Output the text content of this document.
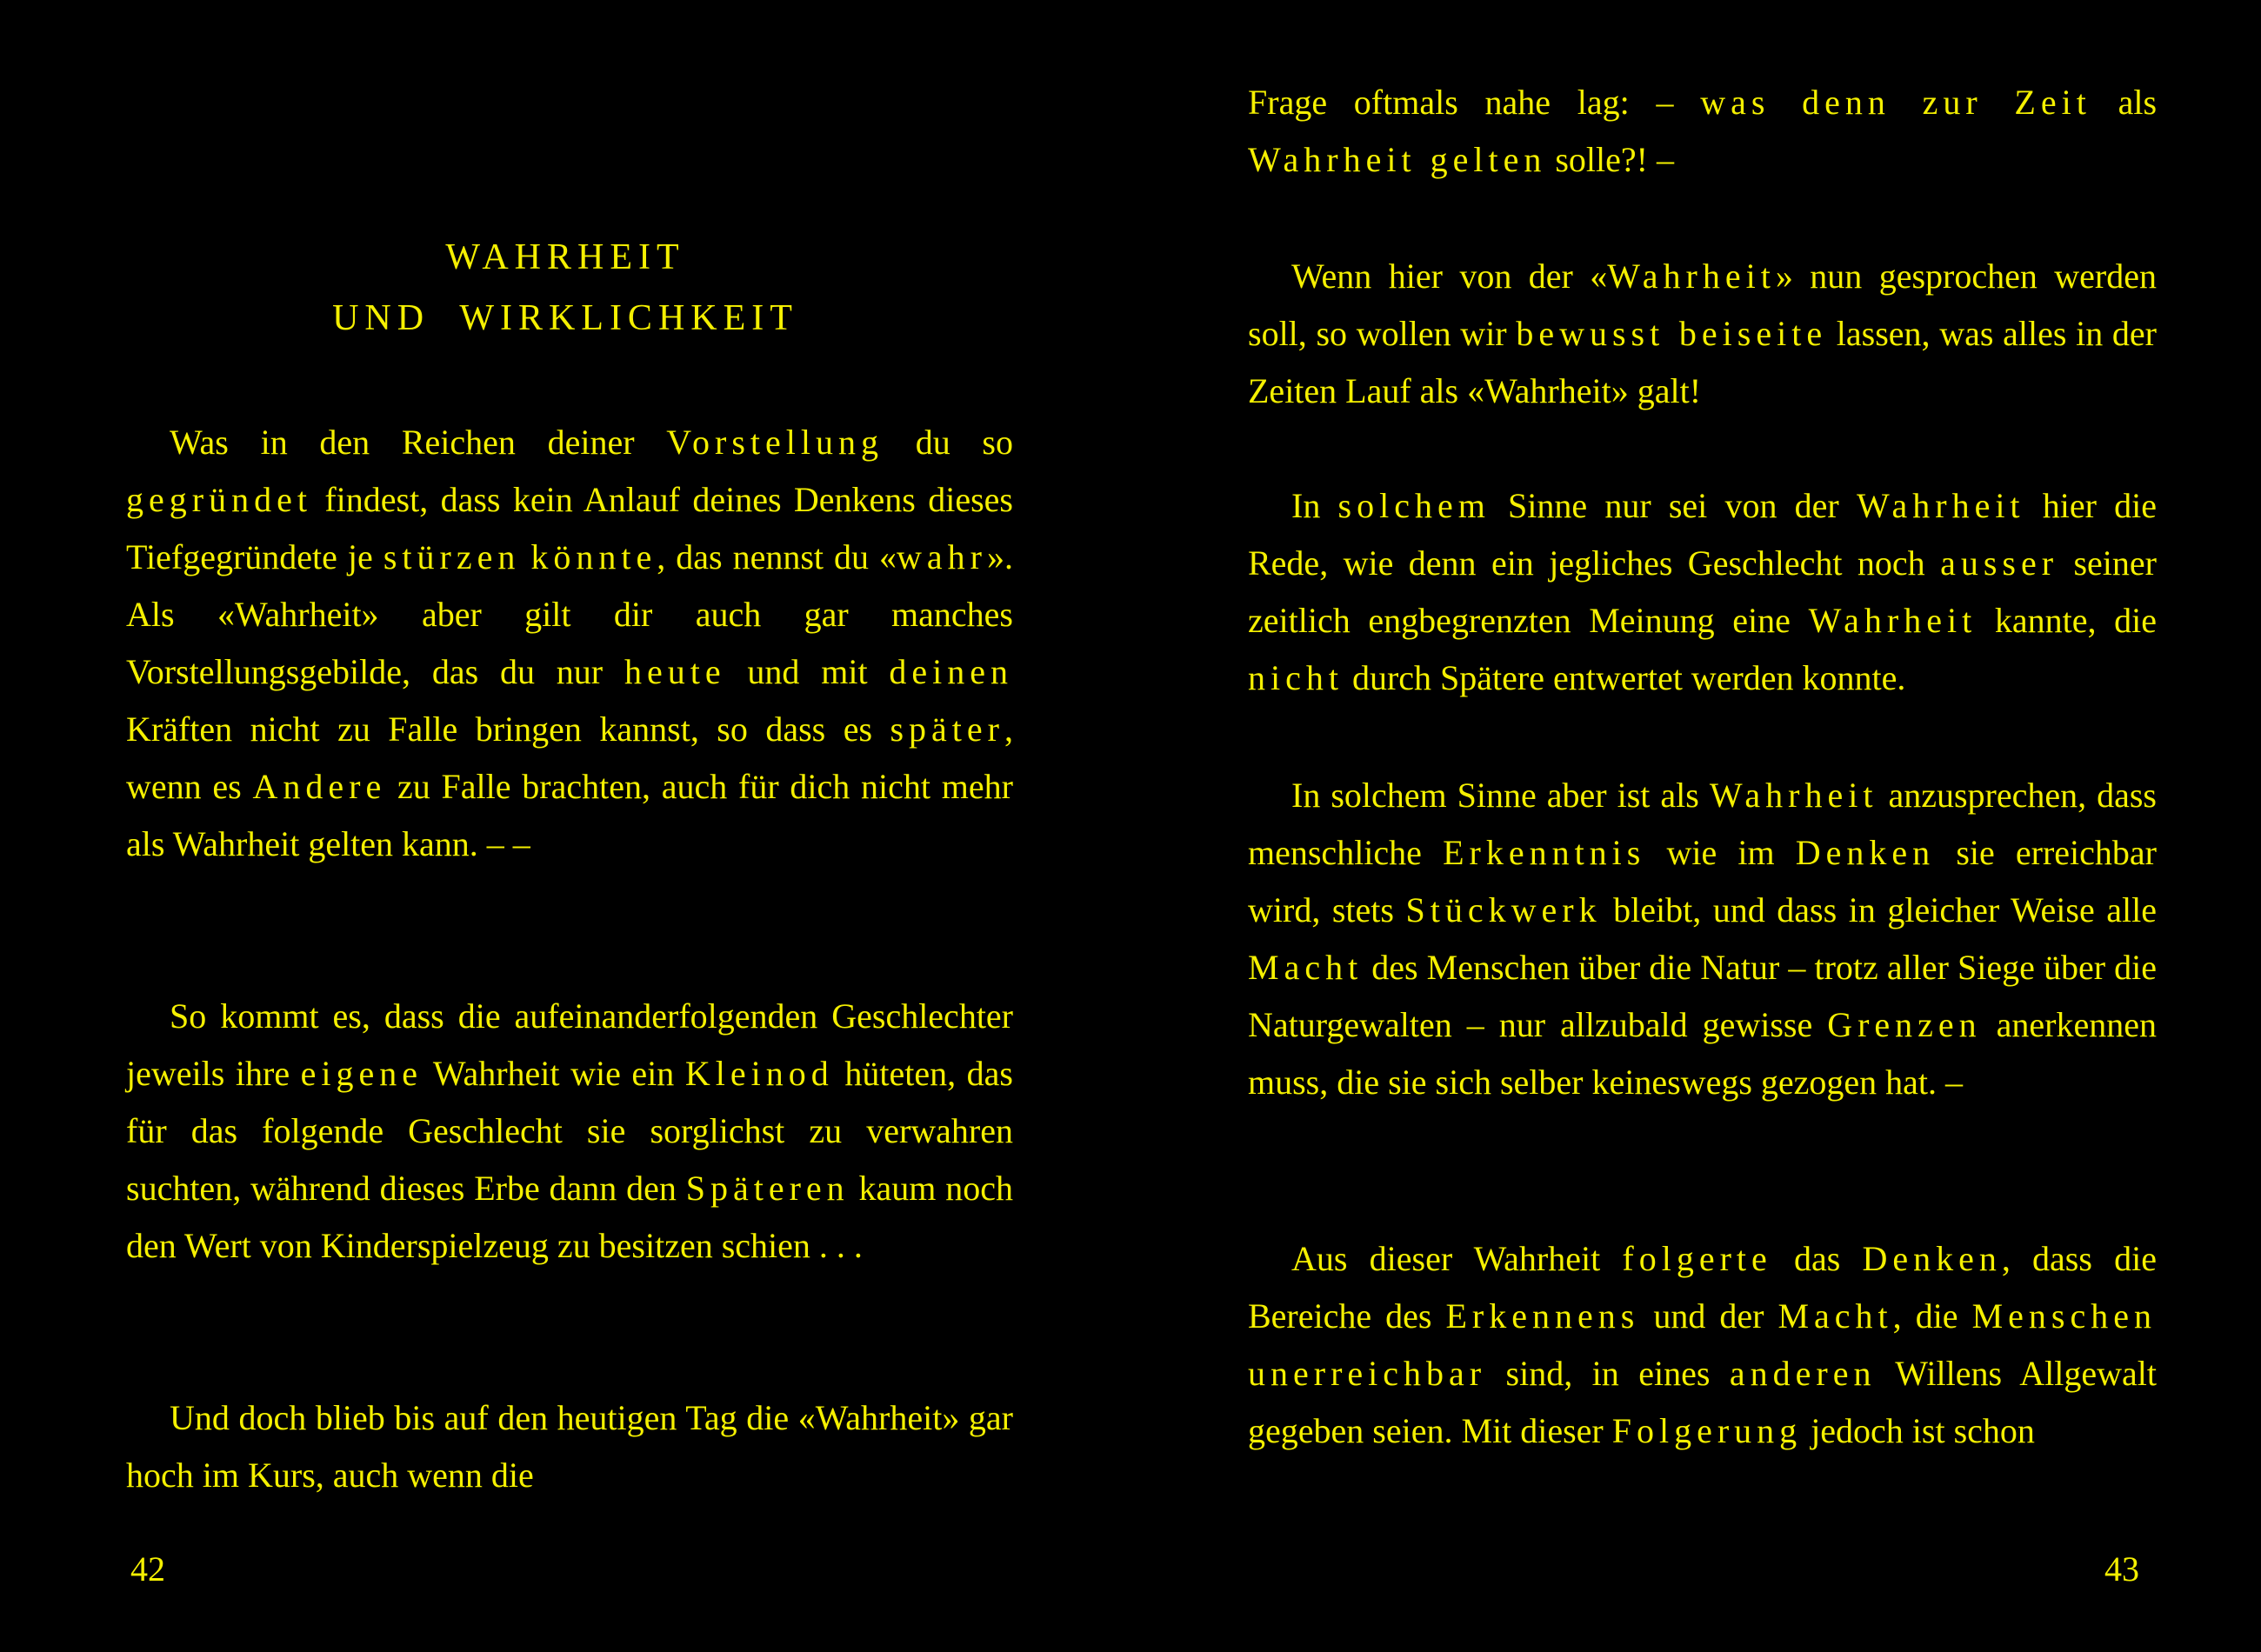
WAHRHEIT
UND  WIRKLICHKEIT

Was in den Reichen deiner Vorstellung du so gegründet findest, dass kein Anlauf deines Denkens dieses Tiefgegründete je stürzen könnte, das nennst du «wahr». Als «Wahrheit» aber gilt dir auch gar manches Vorstellungsgebilde, das du nur heute und mit deinen Kräften nicht zu Falle bringen kannst, so dass es später, wenn es Andere zu Falle brachten, auch für dich nicht mehr als Wahrheit gelten kann. – –

So kommt es, dass die aufeinanderfolgenden Geschlechter jeweils ihre eigene Wahrheit wie ein Kleinod hüteten, das für das folgende Geschlecht sie sorglichst zu verwahren suchten, während dieses Erbe dann den Späteren kaum noch den Wert von Kinderspielzeug zu besitzen schien . . .

Und doch blieb bis auf den heutigen Tag die «Wahrheit» gar hoch im Kurs, auch wenn die

42

Frage oftmals nahe lag: – was denn zur Zeit als Wahrheit gelten solle?! –

Wenn hier von der «Wahrheit» nun gesprochen werden soll, so wollen wir bewusst beiseite lassen, was alles in der Zeiten Lauf als «Wahrheit» galt!

In solchem Sinne nur sei von der Wahrheit hier die Rede, wie denn ein jegliches Geschlecht noch ausser seiner zeitlich engbegrenzten Meinung eine Wahrheit kannte, die nicht durch Spätere entwertet werden konnte.

In solchem Sinne aber ist als Wahrheit anzusprechen, dass menschliche Erkenntnis wie im Denken sie erreichbar wird, stets Stückwerk bleibt, und dass in gleicher Weise alle Macht des Menschen über die Natur – trotz aller Siege über die Naturgewalten – nur allzubald gewisse Grenzen anerkennen muss, die sie sich selber keineswegs gezogen hat. –

Aus dieser Wahrheit folgerte das Denken, dass die Bereiche des Erkennens und der Macht, die Menschen unerreichbar sind, in eines anderen Willens Allgewalt gegeben seien. Mit dieser Folgerung jedoch ist schon

43
